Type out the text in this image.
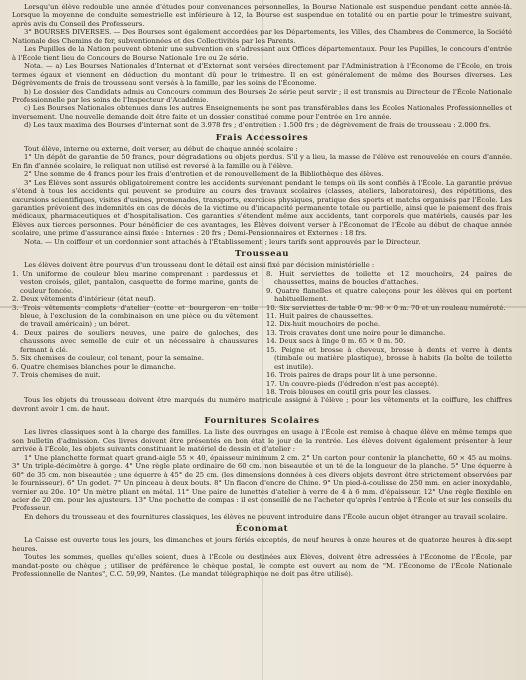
Lorsqu'un élève redouble une année d'études pour convenances personnelles, la Bourse Nationale est suspendue pendant cette année-là. Lorsque la moyenne de conduite semestrielle est inférieure à 12, la Bourse est suspendue en totalité ou en partie pour le trimestre suivant, après avis du Conseil des Professeurs.

3° BOURSES DIVERSES. — Des Bourses sont également accordées par les Départements, les Villes, des Chambres de Commerce, la Société Nationale des Chemins de fer, subventionnées et des Collectivités par les Parents.

Les Pupilles de la Nation peuvent obtenir une subvention en s'adressant aux Offices départementaux. Pour les Pupilles, le concours d'entrée à l'École tient lieu de Concours de Bourse Nationale 1re ou 2e série.

Nota. — a) Les Bourses Nationales d'Internat et d'Externat sont versées directement par l'Administration à l'Économe de l'École, en trois termes égaux et viennent en déduction du montant dû pour le trimestre. Il en est généralement de même des Bourses diverses. Les Dégrèvements de frais de trousseau sont versés à la famille, par les soins de l'Économe.

b) Le dossier des Candidats admis au Concours commun des Bourses 2e série peut servir ; il est transmis au Directeur de l'École Nationale Professionnelle par les soins de l'Inspecteur d'Académie.

c) Les Bourses Nationales obtenues dans les autres Enseignements ne sont pas transférables dans les Écoles Nationales Professionnelles et inversement. Une nouvelle demande doit être faite et un dossier constitué comme pour l'entrée en 1re année.

d) Les taux maxima des Bourses d'internat sont de 3.978 frs ; d'entretien : 1.500 frs ; de dégrèvement de frais de trousseau : 2.000 frs.

Frais Accessoires

Tout élève, interne ou externe, doit verser, au début de chaque année scolaire :

1° Un dépôt de garantie de 50 francs, pour dégradations ou objets perdus. S'il y a lieu, la masse de l'élève est renouvelée en cours d'année. En fin d'année scolaire, le reliquat non utilisé est reversé à la famille ou à l'élève.

2° Une somme de 4 francs pour les frais d'entretien et de renouvellement de la Bibliothèque des élèves.

3° Les Élèves sont assurés obligatoirement contre les accidents survenant pendant le temps où ils sont confiés à l'École. La garantie prévue s'étend à tous les accidents qui peuvent se produire au cours des travaux scolaires (classes, ateliers, laboratoires), des répétitions, des excursions scientifiques, visites d'usines, promenades, transports, exercices physiques, pratique des sports et matchs organisés par l'École. Les garanties prévoient des indemnités en cas de décès de la victime ou d'incapacité permanente totale ou partielle, ainsi que le paiement des frais médicaux, pharmaceutiques et d'hospitalisation. Ces garanties s'étendent même aux accidents, tant corporels que matériels, causés par les Élèves aux tierces personnes. Pour bénéficier de ces avantages, les Élèves doivent verser à l'Économat de l'École au début de chaque année scolaire, une prime d'assurance ainsi fixée : Internes : 20 frs ; Demi-Pensionnaires et Externes : 18 frs.

Nota. — Un coiffeur et un cordonnier sont attachés à l'Établissement ; leurs tarifs sont approuvés par le Directeur.

Trousseau

Les élèves doivent être pourvus d'un trousseau dont le détail est ainsi fixé par décision ministérielle :

1. Un uniforme de couleur bleu marine comprenant : pardessus et veston croisés, gilet, pantalon, casquette de forme marine, gants de couleur foncée.

2. Deux vêtements d'intérieur (état neuf).

3. Trois vêtements complets d'atelier (cotte et bourgeron en toile bleue, à l'exclusion de la combinaison en une pièce ou du vêtement de travail américain) ; un béret.

4. Deux paires de souliers neuves, une paire de galoches, des chaussons avec semelle de cuir et un nécessaire à chaussures fermant à clé.

5. Six chemises de couleur, col tenant, pour la semaine.

6. Quatre chemises blanches pour le dimanche.

7. Trois chemises de nuit.

8. Huit serviettes de toilette et 12 mouchoirs, 24 paires de chaussettes, mains de boucles d'attaches.

9. Quatre flanelles et quatre caleçons pour les élèves qui en portent habituellement.

10. Six serviettes de table 0 m. 90 × 0 m. 70 et un rouleau numéroté.

11. Huit paires de chaussettes.

12. Dix-huit mouchoirs de poche.

13. Trois cravates dont une noire pour le dimanche.

14. Deux sacs à linge 0 m. 65 × 0 m. 50.

15. Peigne et brosse à cheveux, brosse à dents et verre à dents (timbale ou matière plastique), brosse à habits (la boîte de toilette est inutile).

16. Trois paires de draps pour lit à une personne.

17. Un couvre-pieds (l'édredon n'est pas accepté).

18. Trois blouses en coutil gris pour les classes.

Tous les objets du trousseau doivent être marqués du numéro matricule assigné à l'élève ; pour les vêtements et la coiffure, les chiffres devront avoir 1 cm. de haut.

Fournitures Scolaires

Les livres classiques sont à la charge des familles. La liste des ouvrages en usage à l'École est remise à chaque élève en même temps que son bulletin d'admission. Ces livres doivent être présentés en bon état le jour de la rentrée. Les élèves doivent également présenter à leur arrivée à l'École, les objets suivants constituant le matériel de dessin et d'atelier :

1° Une planchette format quart grand-aigle 55 × 40, épaisseur minimum 2 cm. 2° Un carton pour contenir la planchette, 60 × 45 au moins. 3° Un triple-décimètre à gorge. 4° Une règle plate ordinaire de 60 cm. non biseautée et un té de la longueur de la planche. 5° Une équerre à 60° de 35 cm. non biseautée ; une équerre à 45° de 25 cm. (les dimensions données à ces divers objets devront être strictement observées par le fournisseur). 6° Un godet. 7° Un pinceau à deux bouts. 8° Un flacon d'encre de Chine. 9° Un pied-à-coulisse de 250 mm. en acier inoxydable, vernier au 20e. 10° Un mètre pliant en métal. 11° Une paire de lunettes d'atelier à verre de 4 à 6 mm. d'épaisseur. 12° Une règle flexible en acier de 20 cm. pour les ajusteurs. 13° Une pochette de compas : il est conseillé de ne l'acheter qu'après l'entrée à l'École et sur les conseils du Professeur.

En dehors du trousseau et des fournitures classiques, les élèves ne peuvent introduire dans l'École aucun objet étranger au travail scolaire.

Économat

La Caisse est ouverte tous les jours, les dimanches et jours fériés exceptés, de neuf heures à onze heures et de quatorze heures à dix-sept heures.

Toutes les sommes, quelles qu'elles soient, dues à l'École ou destinées aux Élèves, doivent être adressées à l'Économe de l'École, par mandat-poste ou chèque ; utiliser de préférence le chèque postal, le compte est ouvert au nom de "M. l'Économe de l'École Nationale Professionnelle de Nantes", C.C. 59,99, Nantes. (Le mandat télégraphique ne doit pas être utilisé).
